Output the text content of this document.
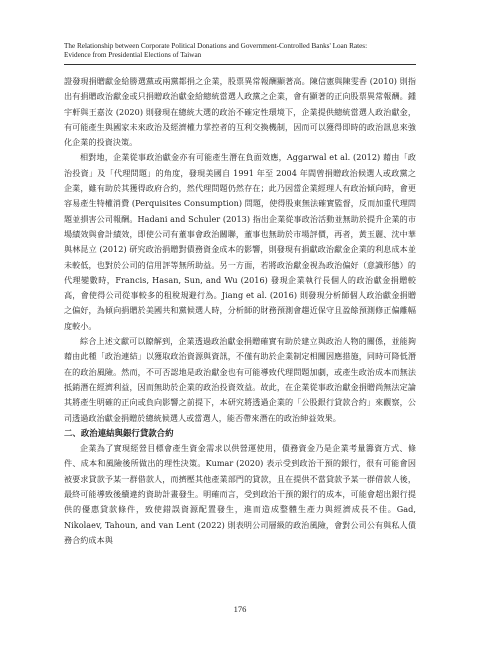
The Relationship between Corporate Political Donations and Government-Controlled Banks' Loan Rates:
Evidence from Presidential Elections of Taiwan

證發現捐贈獻金給勝選黨或兩黨都捐之企業，股票異常報酬顯著高。陳信憲與陳雯香 (2010) 則指出有捐贈政治獻金或只捐贈政治獻金給總統當選人政黨之企業，會有顯著的正向股票異常報酬。鍾宇軒與王嘉汝 (2020) 則發現在總統大選的政治不確定性環境下，企業提供總統當選人政治獻金，有可能產生與國家未來政治及經濟權力掌控者的互利交換機制，因而可以獲得即時的政治訊息來強化企業的投資決策。

相對地，企業從事政治獻金亦有可能產生潛在負面效應，Aggarwal et al. (2012) 藉由「政治投資」及「代理問題」的角度，發現美國自 1991 年至 2004 年間曾捐贈政治候選人或政黨之企業，雖有助於其獲得政府合約，然代理問題仍然存在；此乃因當企業經理人有政治傾向時，會更容易產生特權消費 (Perquisites Consumption) 問題，使得股東無法確實監督，反而加重代理問題並損害公司報酬。Hadani and Schuler (2013) 指出企業從事政治活動並無助於提升企業的市場績效與會計績效，即使公司有董事會政治關聯，董事也無助於市場評價，再者，黃玉麗、沈中華與林昆立 (2012) 研究政治捐贈對債務資金成本的影響，則發現有捐獻政治獻金企業的利息成本並未較低，也對於公司的信用評等無所助益。另一方面，若將政治獻金視為政治偏好（意識形態）的代理變數時，Francis, Hasan, Sun, and Wu (2016) 發現企業執行長個人的政治獻金捐贈較高，會使得公司從事較多的租稅規避行為。Jiang et al. (2016) 則發現分析師個人政治獻金捐贈之偏好，為傾向捐贈於美國共和黨候選人時，分析師的財務預測會趨近保守且盈餘預測修正偏離幅度較小。

綜合上述文獻可以瞭解到，企業透過政治獻金捐贈確實有助於建立與政治人物的關係，並能夠藉由此種「政治連結」以獲取政治資源與資訊，不僅有助於企業制定相關因應措施，同時可降低潛在的政治風險。然而，不可否認地是政治獻金也有可能導致代理問題加劇，或產生政治成本而無法抵銷潛在經濟利益，因而無助於企業的政治投資效益。故此，在企業從事政治獻金捐贈尚無法定論其將產生明確的正向或負向影響之前提下，本研究將透過企業的「公股銀行貸款合約」來觀察，公司透過政治獻金捐贈於總統候選人或當選人，能否帶來潛在的政治紳益效果。

二、政治連結與銀行貸款合約

企業為了實現經營目標會產生資金需求以供營運使用，債務資金乃是企業考量籌資方式、條件、成本和風險後所做出的理性決策。Kumar (2020) 表示受到政治干預的銀行，很有可能會因被要求貸款予某一群借款人，而擠壓其他產業部門的貸款，且在提供不當貸款予某一群借款人後，最終可能導致後續違約資助計畫發生。明確而言，受到政治干預的銀行的成本，可能會超出銀行提供的優惠貸款條件，致使錯誤資源配置發生，進而造成整體生產力與經濟成長不佳。Gad, Nikolaev, Tahoun, and van Lent (2022) 則表明公司層級的政治風險，會對公司公有與私人債務合約成本與

176
